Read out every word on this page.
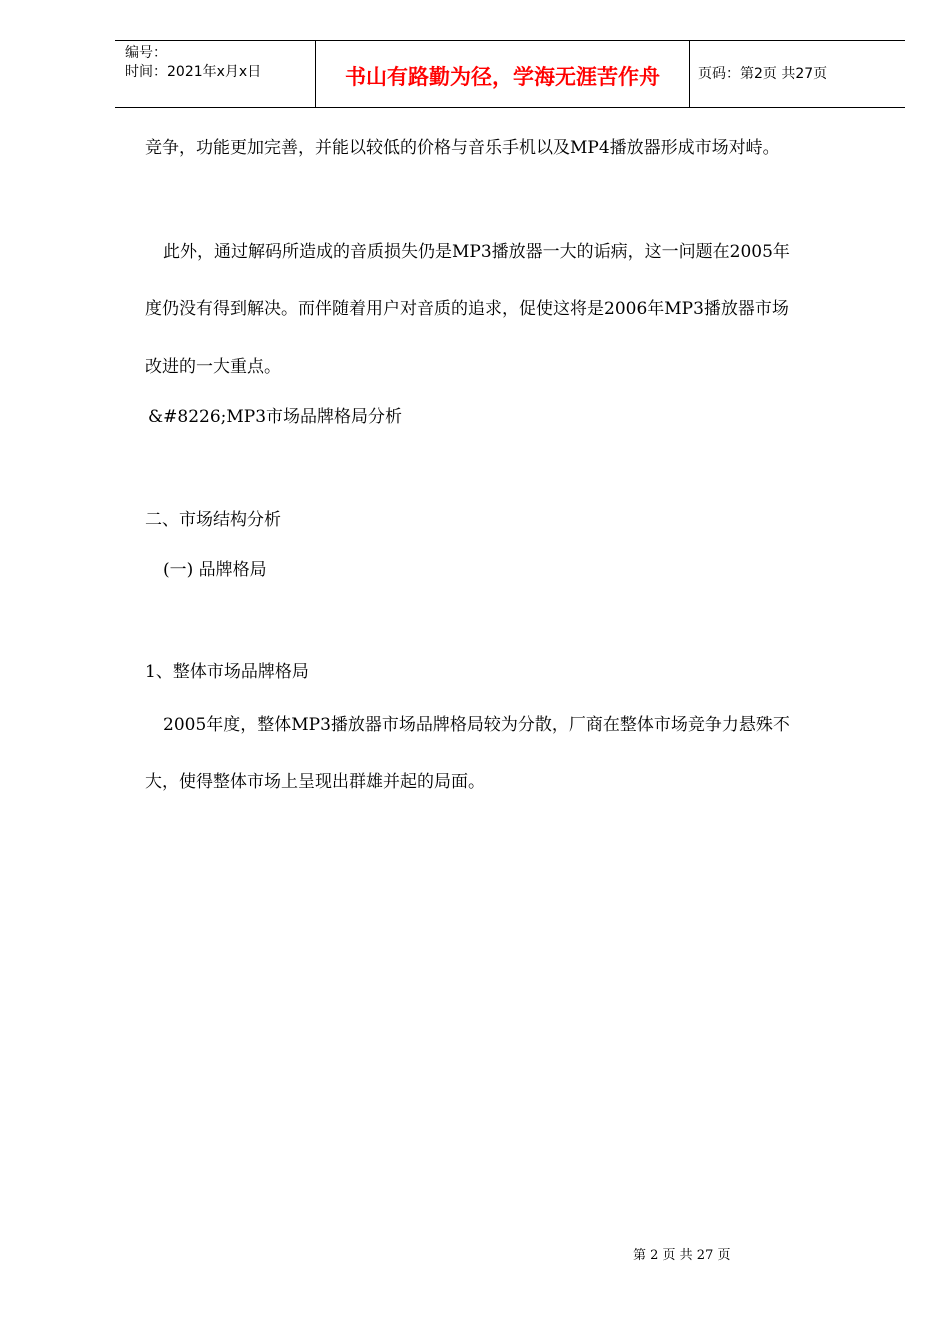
编号：
时间：2021年x月x日	书山有路勤为径，学海无涯苦作舟	页码：第2页 共27页
竞争，功能更加完善，并能以较低的价格与音乐手机以及MP4播放器形成市场对峙。
此外，通过解码所造成的音质损失仍是MP3播放器一大的诟病，这一问题在2005年
度仍没有得到解决。而伴随着用户对音质的追求，促使这将是2006年MP3播放器市场
改进的一大重点。
&#8226;MP3市场品牌格局分析
二、市场结构分析
(一) 品牌格局
1、整体市场品牌格局
2005年度，整体MP3播放器市场品牌格局较为分散，厂商在整体市场竞争力悬殊不
大，使得整体市场上呈现出群雄并起的局面。
第 2 页 共 27 页
